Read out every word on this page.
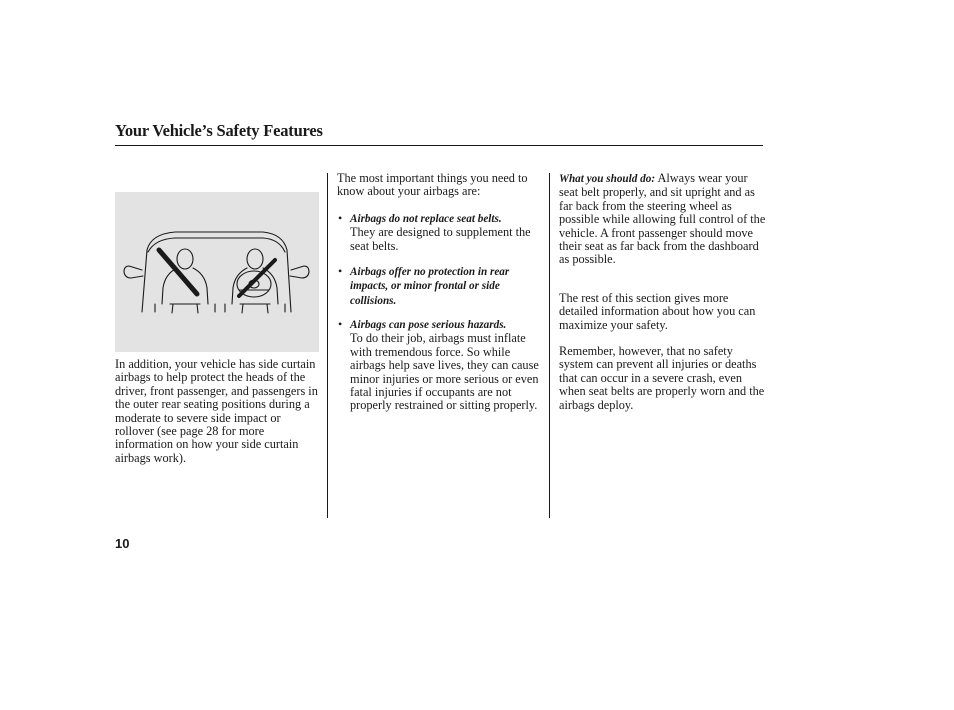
Your Vehicle’s Safety Features

In addition, your vehicle has side curtain airbags to help protect the heads of the driver, front passenger, and passengers in the outer rear seating positions during a moderate to severe side impact or rollover (see page 28 for more information on how your side curtain airbags work).

The most important things you need to know about your airbags are:

• Airbags do not replace seat belts.
They are designed to supplement the seat belts.
• Airbags offer no protection in rear impacts, or minor frontal or side collisions.
• Airbags can pose serious hazards.
To do their job, airbags must inflate with tremendous force. So while airbags help save lives, they can cause minor injuries or more serious or even fatal injuries if occupants are not properly restrained or sitting properly.

What you should do: Always wear your seat belt properly, and sit upright and as far back from the steering wheel as possible while allowing full control of the vehicle. A front passenger should move their seat as far back from the dashboard as possible.

The rest of this section gives more detailed information about how you can maximize your safety.

Remember, however, that no safety system can prevent all injuries or deaths that can occur in a severe crash, even when seat belts are properly worn and the airbags deploy.

10
